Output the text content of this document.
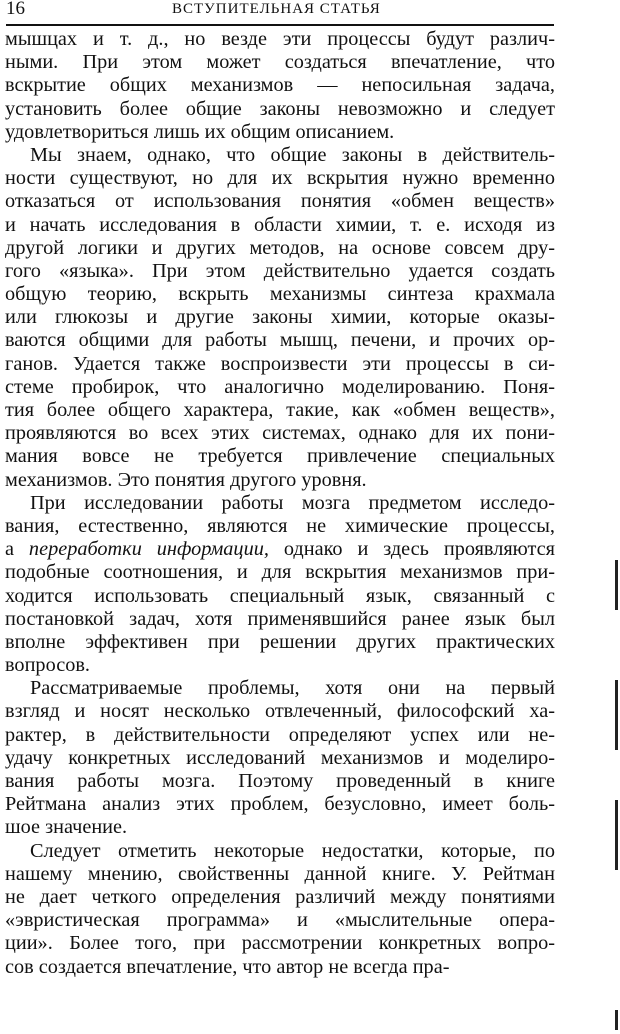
16	ВСТУПИТЕЛЬНАЯ СТАТЬЯ

мышцах и т. д., но везде эти процессы будут различ-
ными. При этом может создаться впечатление, что
вскрытие общих механизмов — непосильная задача,
установить более общие законы невозможно и следует
удовлетвориться лишь их общим описанием.

Мы знаем, однако, что общие законы в действитель-
ности существуют, но для их вскрытия нужно временно
отказаться от использования понятия «обмен веществ»
и начать исследования в области химии, т. е. исходя из
другой логики и других методов, на основе совсем дру-
гого «языка». При этом действительно удается создать
общую теорию, вскрыть механизмы синтеза крахмала
или глюкозы и другие законы химии, которые оказы-
ваются общими для работы мышц, печени, и прочих ор-
ганов. Удается также воспроизвести эти процессы в си-
стеме пробирок, что аналогично моделированию. Поня-
тия более общего характера, такие, как «обмен веществ»,
проявляются во всех этих системах, однако для их пони-
мания вовсе не требуется привлечение специальных
механизмов. Это понятия другого уровня.

При исследовании работы мозга предметом исследо-
вания, естественно, являются не химические процессы,
а переработки информации, однако и здесь проявляются
подобные соотношения, и для вскрытия механизмов при-
ходится использовать специальный язык, связанный с
постановкой задач, хотя применявшийся ранее язык был
вполне эффективен при решении других практических
вопросов.

Рассматриваемые проблемы, хотя они на первый
взгляд и носят несколько отвлеченный, философский ха-
рактер, в действительности определяют успех или не-
удачу конкретных исследований механизмов и моделиро-
вания работы мозга. Поэтому проведенный в книге
Рейтмана анализ этих проблем, безусловно, имеет боль-
шое значение.

Следует отметить некоторые недостатки, которые, по
нашему мнению, свойственны данной книге. У. Рейтман
не дает четкого определения различий между понятиями
«эвристическая программа» и «мыслительные опера-
ции». Более того, при рассмотрении конкретных вопро-
сов создается впечатление, что автор не всегда пра-
